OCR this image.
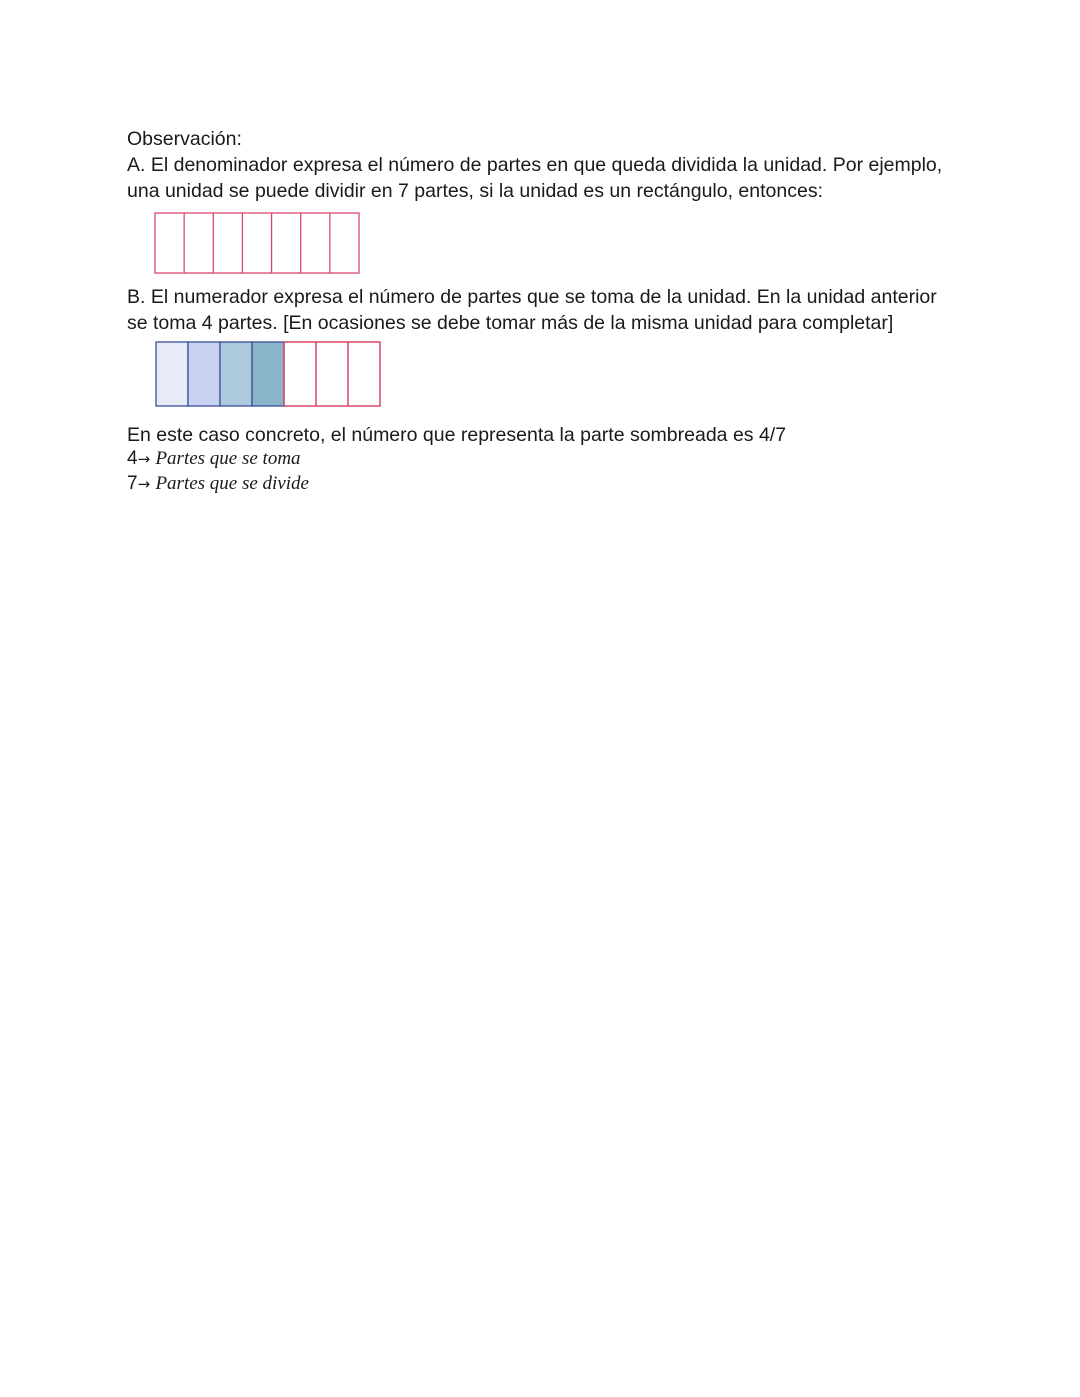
Observación:
A. El denominador expresa el número de partes en que queda dividida la unidad. Por ejemplo,
una unidad se puede dividir en 7 partes, si la unidad es un rectángulo, entonces:
B. El numerador expresa el número de partes que se toma de la unidad. En la unidad anterior
se toma 4 partes. [En ocasiones se debe tomar más de la misma unidad para completar]
En este caso concreto, el número que representa la parte sombreada es 4/7
4→ Partes que se toma
7→ Partes que se divide
